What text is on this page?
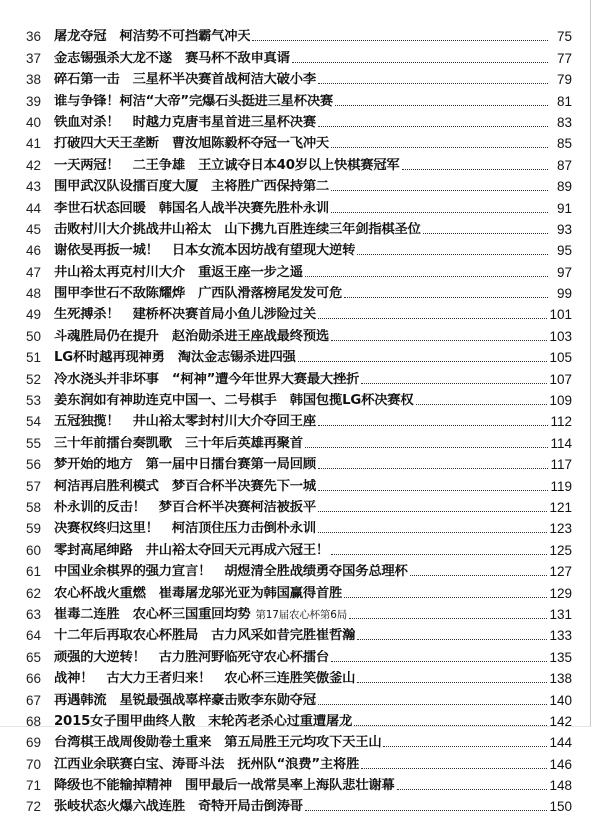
36 屠龙夺冠　柯洁势不可挡霸气冲天	75
37 金志锡强杀大龙不遂　赛马杯不敌申真谞	77
38 碎石第一击　三星杯半决赛首战柯洁大破小李	79
39 谁与争锋！柯洁“大帝”完爆石头挺进三星杯决赛	81
40 铁血对杀！　时越力克唐韦星首进三星杯决赛	83
41 打破四大天王垄断　曹汝旭陈毅杯夺冠一飞冲天	85
42 一天两冠！　二王争雄　王立诚夺日本40岁以上快棋赛冠军	87
43 围甲武汉队设擂百度大厦　主将胜广西保持第二	89
44 李世石状态回暖　韩国名人战半决赛先胜朴永训	91
45 击败村川大介挑战井山裕太　山下携九百胜连续三年剑指棋圣位	93
46 谢依旻再扳一城！　日本女流本因坊战有望现大逆转	95
47 井山裕太再克村川大介　重返王座一步之遥	97
48 围甲李世石不敌陈耀烨　广西队滑落榜尾发发可危	99
49 生死搏杀！　建桥杯决赛首局小鱼儿涉险过关	101
50 斗魂胜局仍在提升　赵治勋杀进王座战最终预选	103
51 LG杯时越再现神勇　淘汰金志锡杀进四强	105
52 冷水浇头并非坏事　“柯神”遭今年世界大赛最大挫折	107
53 姜东润如有神助连克中国一、二号棋手　韩国包揽LG杯决赛权	109
54 五冠独揽！　井山裕太零封村川大介夺回王座	112
55 三十年前擂台奏凯歌　三十年后英雄再聚首	114
56 梦开始的地方　第一届中日擂台赛第一局回顾	117
57 柯洁再启胜利模式　梦百合杯半决赛先下一城	119
58 朴永训的反击！　梦百合杯半决赛柯洁被扳平	121
59 决赛权终归这里！　柯洁顶住压力击倒朴永训	123
60 零封高尾绅路　井山裕太夺回天元再成六冠王！	125
61 中国业余棋界的强力宣言！　胡煜清全胜战绩勇夺国务总理杯	127
62 农心杯战火重燃　崔毒屠龙邬光亚为韩国赢得首胜	129
63 崔毒二连胜　农心杯三国重回均势 第17届农心杯第6局	131
64 十二年后再取农心杯胜局　古力风采如昔完胜崔哲瀚	133
65 顽强的大逆转！　古力胜河野临死守农心杯擂台	135
66 战神！　古大力王者归来！　农心杯三连胜笑傲釜山	138
67 再遇韩流　星锐最强战辜梓豪击败李东勋夺冠	140
68 2015女子围甲曲终人散　末轮芮老杀心过重遭屠龙	142
69 台湾棋王战周俊勋卷土重来　第五局胜王元均攻下天王山	144
70 江西业余联赛白宝、涛哥斗法　抚州队“浪费”主将胜	146
71 降级也不能输掉精神　围甲最后一战常昊率上海队悲壮谢幕	148
72 张岐状态火爆六战连胜　奇特开局击倒涛哥	150
